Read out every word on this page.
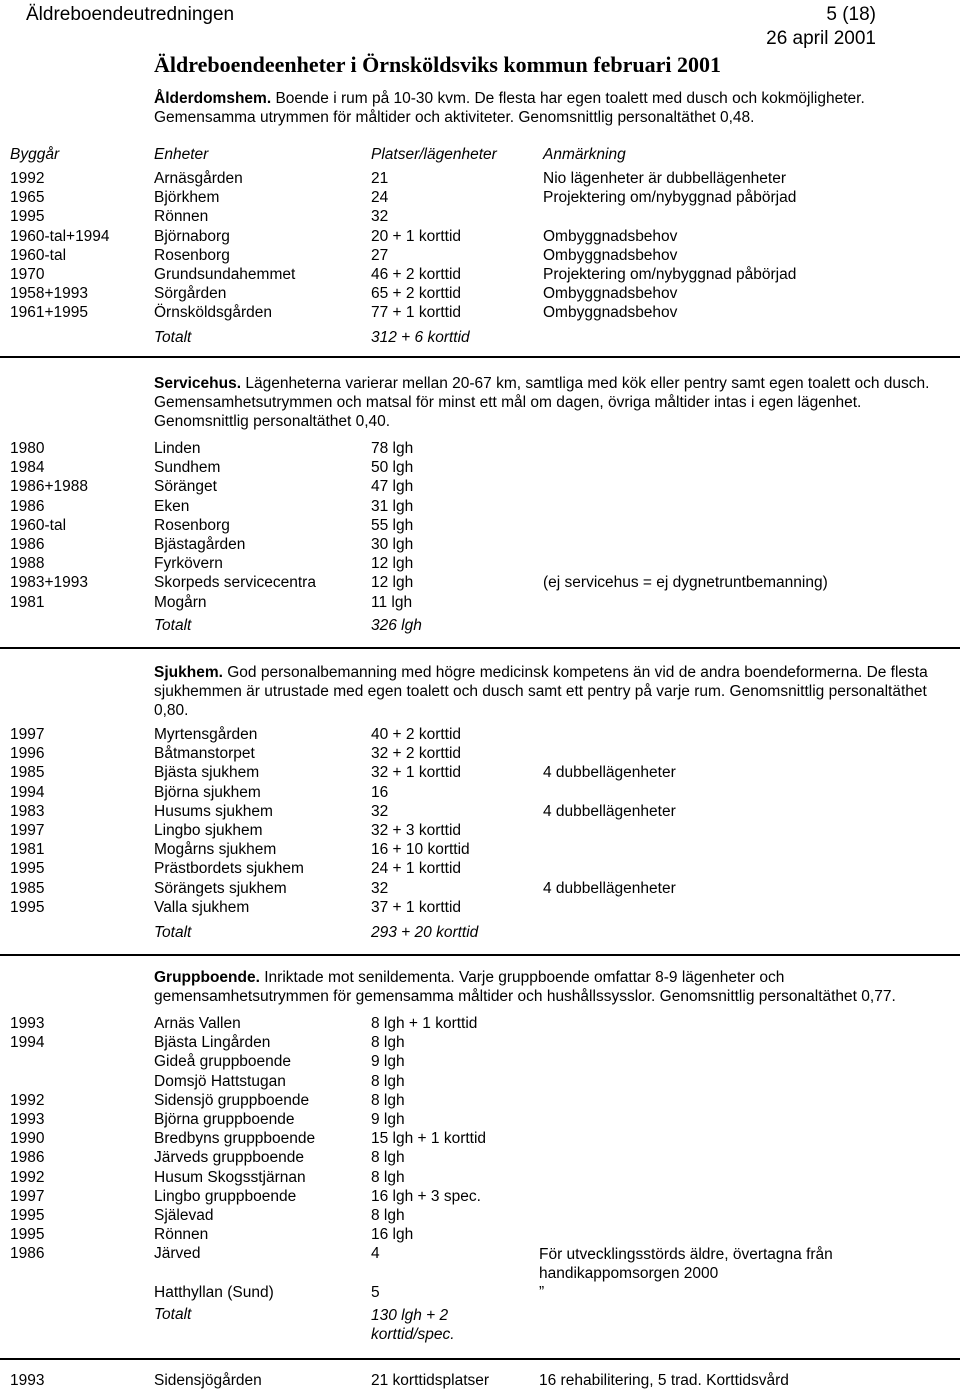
Äldreboendeutredningen	5 (18)
26 april 2001
Äldreboendeenheter i Örnsköldsviks kommun februari 2001
Ålderdomshem. Boende i rum på 10-30 kvm. De flesta har egen toalett med dusch och kokmöjligheter. Gemensamma utrymmen för måltider och aktiviteter. Genomsnittlig personaltäthet 0,48.
Byggår	Enheter	Platser/lägenheter	Anmärkning
1992	Arnäsgården	21	Nio lägenheter är dubbellägenheter
1965	Björkhem	24	Projektering om/nybyggnad påbörjad
1995	Rönnen	32
1960-tal+1994	Björnaborg	20 + 1 korttid	Ombyggnadsbehov
1960-tal	Rosenborg	27	Ombyggnadsbehov
1970	Grundsundahemmet	46 + 2 korttid	Projektering om/nybyggnad påbörjad
1958+1993	Sörgården	65 + 2 korttid	Ombyggnadsbehov
1961+1995	Örnsköldsgården	77 + 1 korttid	Ombyggnadsbehov
Totalt	312 + 6 korttid
Servicehus. Lägenheterna varierar mellan 20-67 km, samtliga med kök eller pentry samt egen toalett och dusch. Gemensamhetsutrymmen och matsal för minst ett mål om dagen, övriga måltider intas i egen lägenhet. Genomsnittlig personaltäthet 0,40.
1980	Linden	78 lgh
1984	Sundhem	50 lgh
1986+1988	Söränget	47 lgh
1986	Eken	31 lgh
1960-tal	Rosenborg	55 lgh
1986	Bjästagården	30 lgh
1988	Fyrkövern	12 lgh
1983+1993	Skorpeds servicecentra	12 lgh	(ej servicehus = ej dygnetruntbemanning)
1981	Mogårn	11 lgh
Totalt	326 lgh
Sjukhem. God personalbemanning med högre medicinsk kompetens än vid de andra boendeformerna. De flesta sjukhemmen är utrustade med egen toalett och dusch samt ett pentry på varje rum. Genomsnittlig personaltäthet 0,80.
1997	Myrtensgården	40 + 2 korttid
1996	Båtmanstorpet	32 + 2 korttid
1985	Bjästa sjukhem	32 + 1 korttid	4 dubbellägenheter
1994	Björna sjukhem	16
1983	Husums sjukhem	32	4 dubbellägenheter
1997	Lingbo sjukhem	32 + 3 korttid
1981	Mogårns sjukhem	16 + 10 korttid
1995	Prästbordets sjukhem	24 + 1 korttid
1985	Sörängets sjukhem	32	4 dubbellägenheter
1995	Valla sjukhem	37 + 1 korttid
Totalt	293 + 20 korttid
Gruppboende. Inriktade mot senildementa. Varje gruppboende omfattar 8-9 lägenheter och gemensamhetsutrymmen för gemensamma måltider och hushållssysslor. Genomsnittlig personaltäthet 0,77.
1993	Arnäs Vallen	8 lgh + 1 korttid
1994	Bjästa Lingården	8 lgh
Gideå gruppboende	9 lgh
Domsjö Hattstugan	8 lgh
1992	Sidensjö gruppboende	8 lgh
1993	Björna gruppboende	9 lgh
1990	Bredbyns gruppboende	15 lgh + 1 korttid
1986	Järveds gruppboende	8 lgh
1992	Husum Skogsstjärnan	8 lgh
1997	Lingbo gruppboende	16 lgh + 3 spec.
1995	Själevad	8 lgh
1995	Rönnen	16 lgh
1986	Järved	4	För utvecklingsstörds äldre, övertagna från handikappomsorgen 2000
Hatthyllan (Sund)	5	”
Totalt	130 lgh + 2 korttid/spec.
1993	Sidensjögården	21 korttidsplatser	16 rehabilitering, 5 trad. Korttidsvård
